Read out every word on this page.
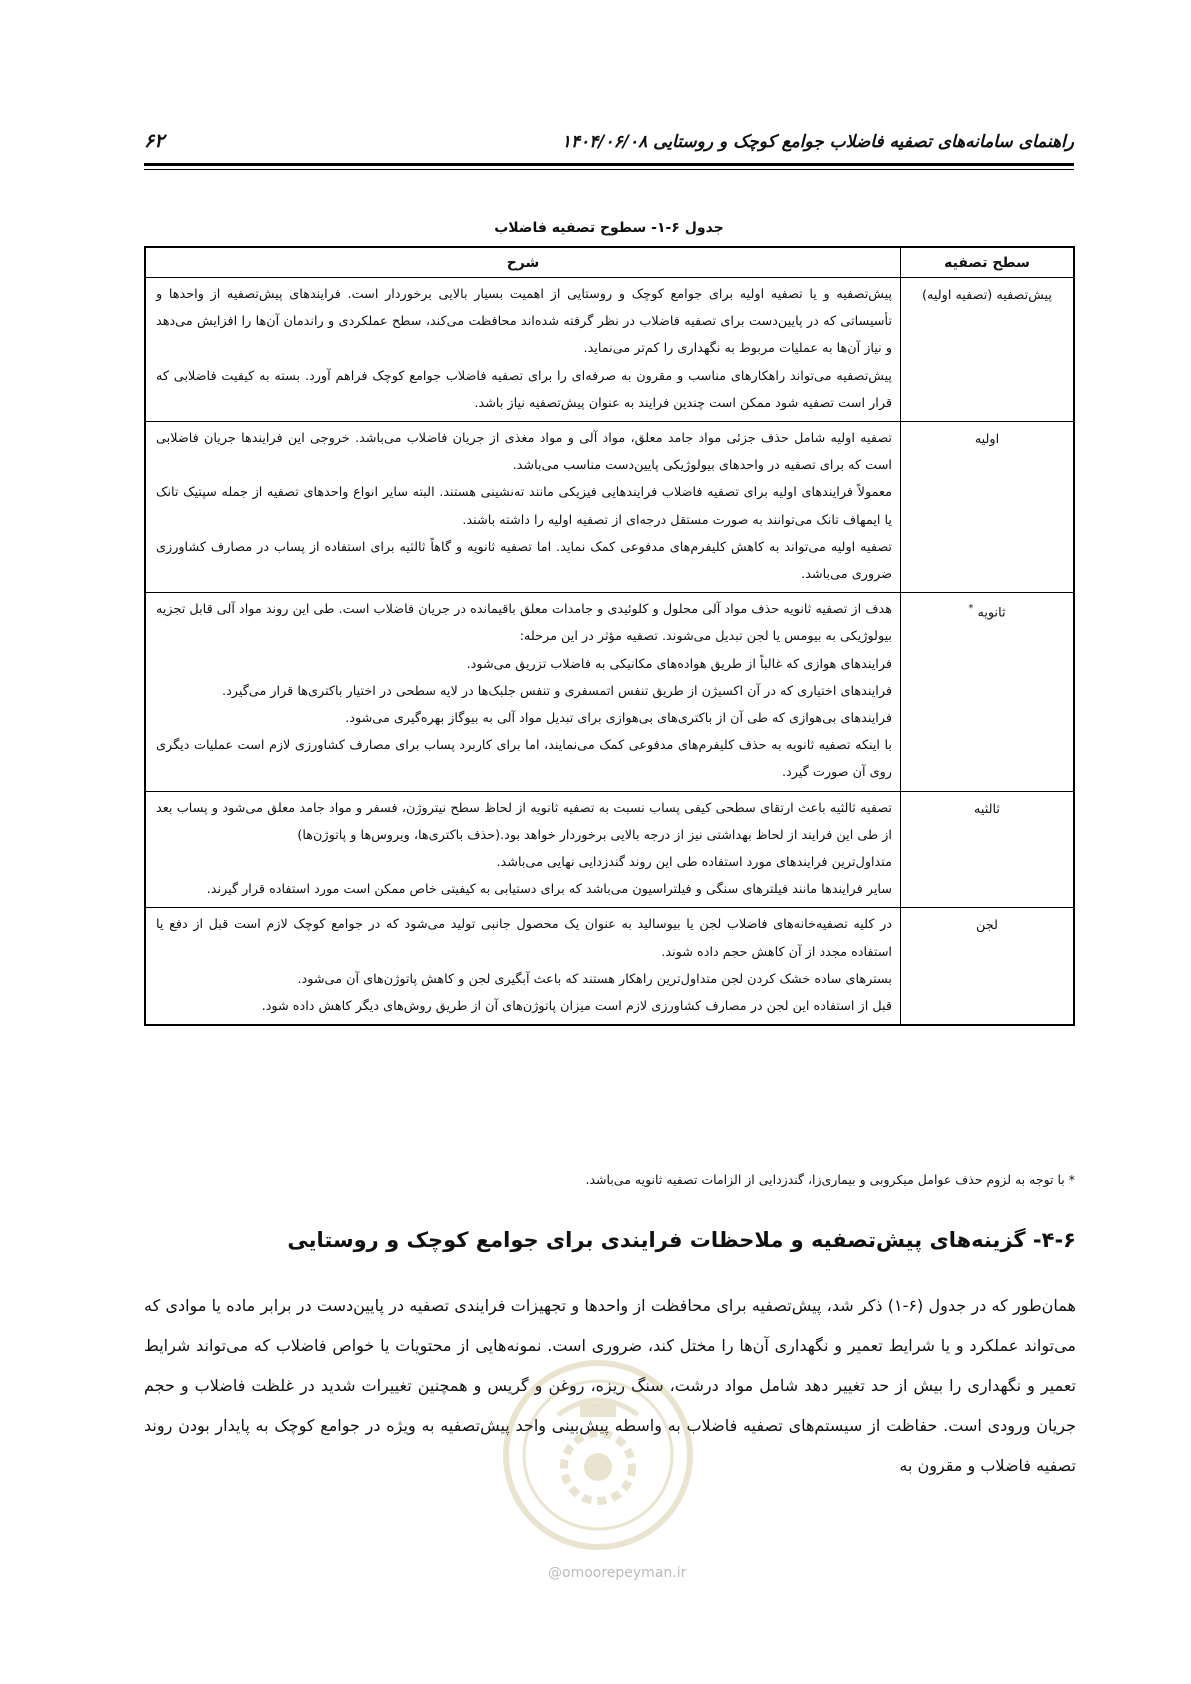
راهنمای سامانه‌های تصفیه فاضلاب جوامع کوچک و روستایی ۱۴۰۴/۰۶/۰۸
۶۲
جدول ۶-۱- سطوح تصفیه فاضلاب
سطح تصفیه	شرح
پیش‌تصفیه (تصفیه اولیه)	پیش‌تصفیه و یا تصفیه اولیه برای جوامع کوچک و روستایی از اهمیت بسیار بالایی برخوردار است. فرایندهای پیش‌تصفیه از واحدها و تأسیساتی که در پایین‌دست برای تصفیه فاضلاب در نظر گرفته شده‌اند محافظت می‌کند، سطح عملکردی و راندمان آن‌ها را افزایش می‌دهد و نیاز آن‌ها به عملیات مربوط به نگهداری را کم‌تر می‌نماید.

پیش‌تصفیه می‌تواند راهکارهای مناسب و مقرون به صرفه‌ای را برای تصفیه فاضلاب جوامع کوچک فراهم آورد. بسته به کیفیت فاضلابی که قرار است تصفیه شود ممکن است چندین فرایند به عنوان پیش‌تصفیه نیاز باشد.

اولیه	تصفیه اولیه شامل حذف جزئی مواد جامد معلق، مواد آلی و مواد مغذی از جریان فاضلاب می‌باشد. خروجی این فرایندها جریان فاضلابی است که برای تصفیه در واحدهای بیولوژیکی پایین‌دست مناسب می‌باشد.

معمولاً فرایندهای اولیه برای تصفیه فاضلاب فرایندهایی فیزیکی مانند ته‌نشینی هستند. البته سایر انواع واحدهای تصفیه از جمله سپتیک تانک یا ایمهاف تانک می‌توانند به صورت مستقل درجه‌ای از تصفیه اولیه را داشته باشند.

تصفیه اولیه می‌تواند به کاهش کلیفرم‌های مدفوعی کمک نماید. اما تصفیه ثانویه و گاهاً ثالثیه برای استفاده از پساب در مصارف کشاورزی ضروری می‌باشد.

ثانویه *	هدف از تصفیه ثانویه حذف مواد آلی محلول و کلوئیدی و جامدات معلق باقیمانده در جریان فاضلاب است. طی این روند مواد آلی قابل تجزیه بیولوژیکی به بیومس یا لجن تبدیل می‌شوند. تصفیه مؤثر در این مرحله:

فرایندهای هوازی که غالباً از طریق هواده‌های مکانیکی به فاضلاب تزریق می‌شود.

فرایندهای اختیاری که در آن اکسیژن از طریق تنفس اتمسفری و تنفس جلبک‌ها در لایه سطحی در اختیار باکتری‌ها قرار می‌گیرد.

فرایندهای بی‌هوازی که طی آن از باکتری‌های بی‌هوازی برای تبدیل مواد آلی به بیوگاز بهره‌گیری می‌شود.

با اینکه تصفیه ثانویه به حذف کلیفرم‌های مدفوعی کمک می‌نمایند، اما برای کاربرد پساب برای مصارف کشاورزی لازم است عملیات دیگری روی آن صورت گیرد.

ثالثیه	تصفیه ثالثیه باعث ارتقای سطحی کیفی پساب نسبت به تصفیه ثانویه از لحاظ سطح نیتروژن، فسفر و مواد جامد معلق می‌شود و پساب بعد از طی این فرایند از لحاظ بهداشتی نیز از درجه بالایی برخوردار خواهد بود.(حذف باکتری‌ها، ویروس‌ها و پاتوژن‌ها)

متداول‌ترین فرایندهای مورد استفاده طی این روند گندزدایی نهایی می‌باشد.

سایر فرایندها مانند فیلترهای سنگی و فیلتراسیون می‌باشد که برای دستیابی به کیفیتی خاص ممکن است مورد استفاده قرار گیرند.

لجن	در کلیه تصفیه‌خانه‌های فاضلاب لجن یا بیوسالید به عنوان یک محصول جانبی تولید می‌شود که در جوامع کوچک لازم است قبل از دفع یا استفاده مجدد از آن کاهش حجم داده شوند.

بسترهای ساده خشک کردن لجن متداول‌ترین راهکار هستند که باعث آبگیری لجن و کاهش پاتوژن‌های آن می‌شود.

قبل از استفاده این لجن در مصارف کشاورزی لازم است میزان پاتوژن‌های آن از طریق روش‌های دیگر کاهش داده شود.

* با توجه به لزوم حذف عوامل میکروبی و بیماری‌زا، گندزدایی از الزامات تصفیه ثانویه می‌باشد.
۴-۶- گزینه‌های پیش‌تصفیه و ملاحظات فرایندی برای جوامع کوچک و روستایی

همان‌طور که در جدول (۶-۱) ذکر شد، پیش‌تصفیه برای محافظت از واحدها و تجهیزات فرایندی تصفیه در پایین‌دست در برابر ماده یا موادی که می‌تواند عملکرد و یا شرایط تعمیر و نگهداری آن‌ها را مختل کند، ضروری است. نمونه‌هایی از محتویات یا خواص فاضلاب که می‌تواند شرایط تعمیر و نگهداری را بیش از حد تغییر دهد شامل مواد درشت، سنگ ریزه، روغن و گریس و همچنین تغییرات شدید در غلظت فاضلاب و حجم جریان ورودی است. حفاظت از سیستم‌های تصفیه فاضلاب به واسطه پیش‌بینی واحد پیش‌تصفیه به ویژه در جوامع کوچک به پایدار بودن روند تصفیه فاضلاب و مقرون به

@omoorepeyman.ir
